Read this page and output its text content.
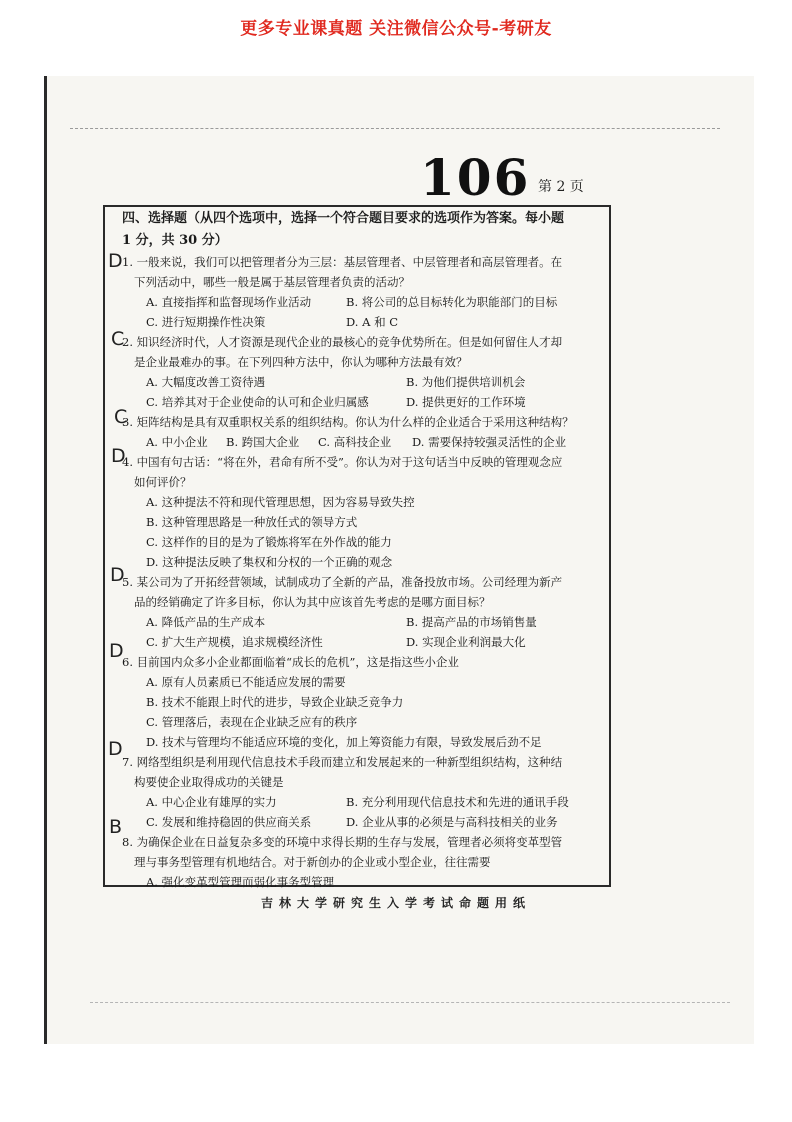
更多专业课真题 关注微信公众号-考研友
106 第 2 页
四、选择题（从四个选项中，选择一个符合题目要求的选项作为答案。每小题
1 分，共 30 分）

1. 一般来说，我们可以把管理者分为三层：基层管理者、中层管理者和高层管理者。在

下列活动中，哪些一般是属于基层管理者负责的活动？

A. 直接指挥和监督现场作业活动	B. 将公司的总目标转化为职能部门的目标
C. 进行短期操作性决策	D. A 和 C

2. 知识经济时代，人才资源是现代企业的最核心的竞争优势所在。但是如何留住人才却

是企业最难办的事。在下列四种方法中，你认为哪种方法最有效？

A. 大幅度改善工资待遇	B. 为他们提供培训机会
C. 培养其对于企业使命的认可和企业归属感	D. 提供更好的工作环境

3. 矩阵结构是具有双重职权关系的组织结构。你认为什么样的企业适合于采用这种结构？

A. 中小企业	B. 跨国大企业	C. 高科技企业	D. 需要保持较强灵活性的企业

4. 中国有句古话：“将在外，君命有所不受”。你认为对于这句话当中反映的管理观念应

如何评价？

A. 这种提法不符和现代管理思想，因为容易导致失控
B. 这种管理思路是一种放任式的领导方式
C. 这样作的目的是为了锻炼将军在外作战的能力
D. 这种提法反映了集权和分权的一个正确的观念

5. 某公司为了开拓经营领域，试制成功了全新的产品，准备投放市场。公司经理为新产

品的经销确定了许多目标，你认为其中应该首先考虑的是哪方面目标？

A. 降低产品的生产成本	B. 提高产品的市场销售量
C. 扩大生产规模，追求规模经济性	D. 实现企业利润最大化

6. 目前国内众多小企业都面临着“成长的危机”，这是指这些小企业

A. 原有人员素质已不能适应发展的需要
B. 技术不能跟上时代的进步，导致企业缺乏竞争力
C. 管理落后，表现在企业缺乏应有的秩序
D. 技术与管理均不能适应环境的变化，加上筹资能力有限，导致发展后劲不足

7. 网络型组织是利用现代信息技术手段而建立和发展起来的一种新型组织结构，这种结

构要使企业取得成功的关键是

A. 中心企业有雄厚的实力	B. 充分利用现代信息技术和先进的通讯手段
C. 发展和维持稳固的供应商关系	D. 企业从事的必须是与高科技相关的业务

8. 为确保企业在日益复杂多变的环境中求得长期的生存与发展，管理者必须将变革型管

理与事务型管理有机地结合。对于新创办的企业或小型企业，往往需要

A. 强化变革型管理而弱化事务型管理
D
C
C
D
D
D
D
B
吉林大学研究生入学考试命题用纸
